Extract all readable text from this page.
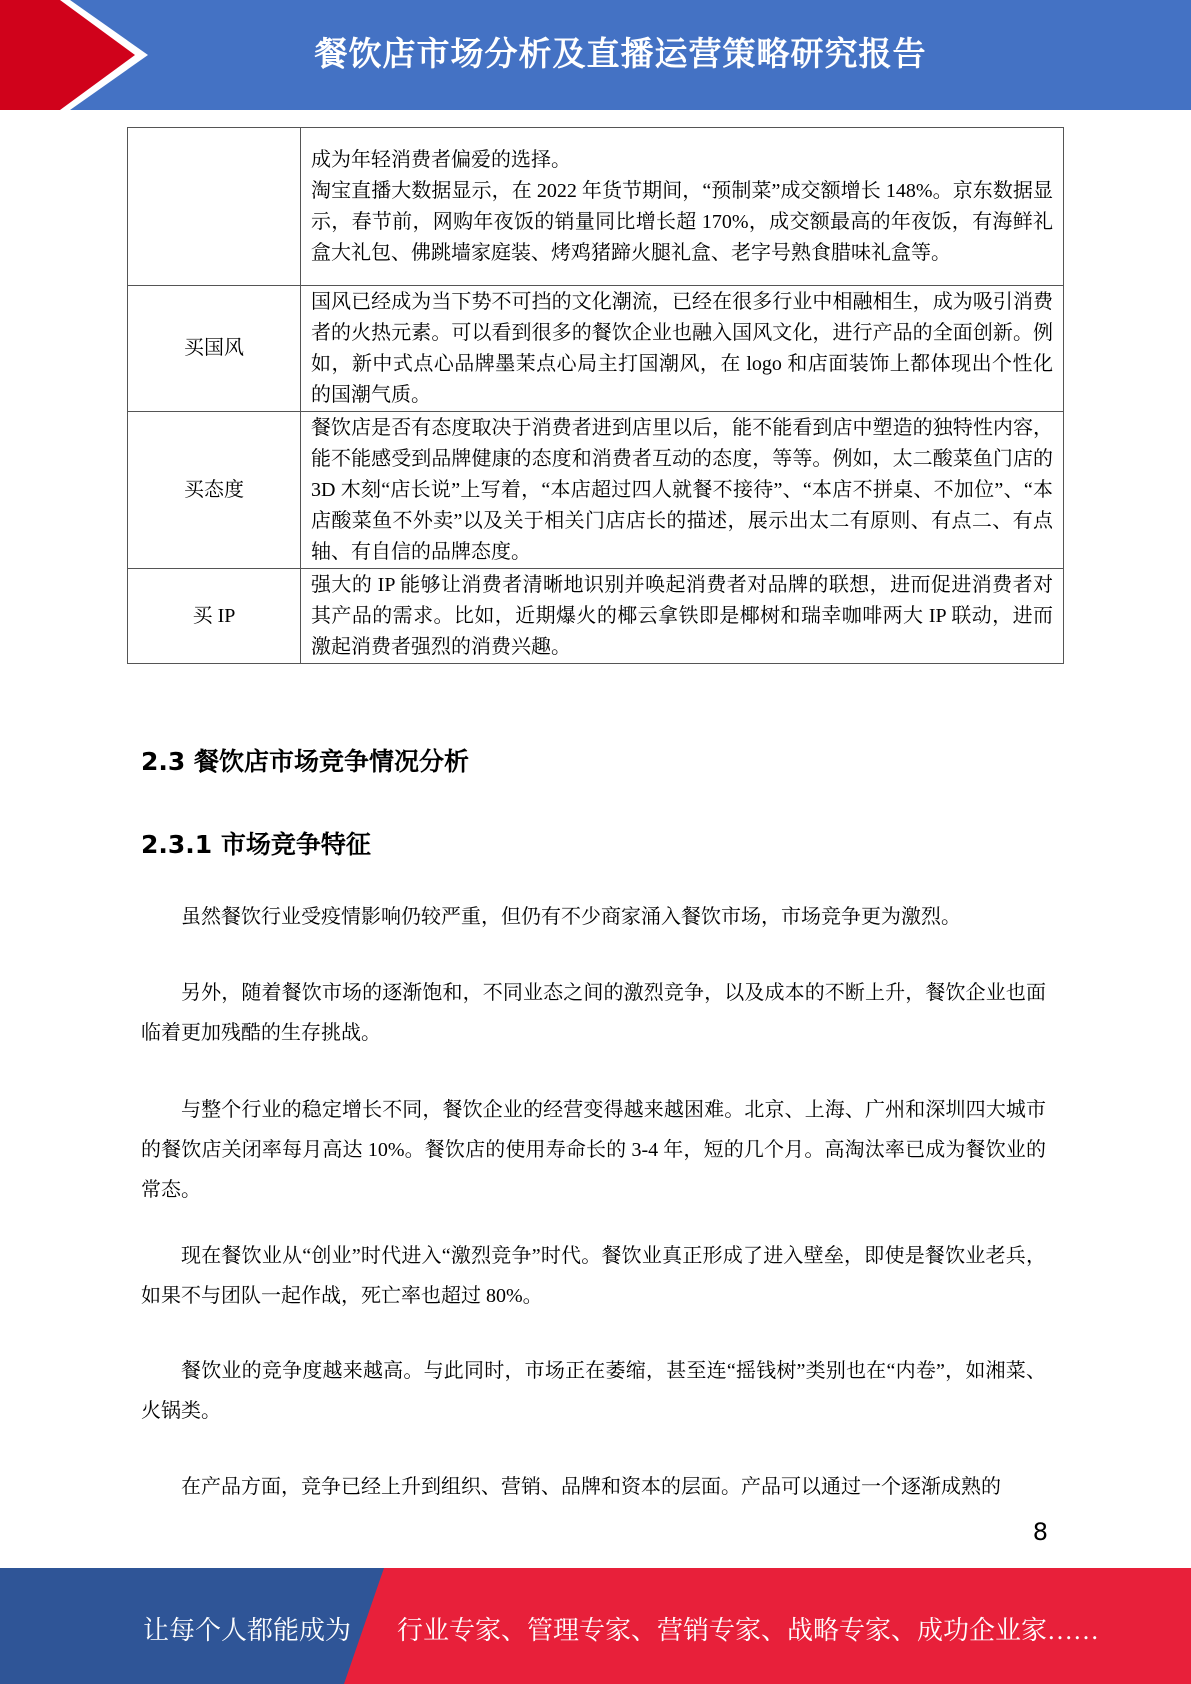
餐饮店市场分析及直播运营策略研究报告

	成为年轻消费者偏爱的选择。

淘宝直播大数据显示，在 2022 年货节期间，“预制菜”成交额增长 148%。京东数据显示，春节前，网购年夜饭的销量同比增长超 170%，成交额最高的年夜饭，有海鲜礼盒大礼包、佛跳墙家庭装、烤鸡猪蹄火腿礼盒、老字号熟食腊味礼盒等。

买国风	国风已经成为当下势不可挡的文化潮流，已经在很多行业中相融相生，成为吸引消费者的火热元素。可以看到很多的餐饮企业也融入国风文化，进行产品的全面创新。例如，新中式点心品牌墨茉点心局主打国潮风，在 logo 和店面装饰上都体现出个性化的国潮气质。

买态度	餐饮店是否有态度取决于消费者进到店里以后，能不能看到店中塑造的独特性内容，能不能感受到品牌健康的态度和消费者互动的态度，等等。例如，太二酸菜鱼门店的 3D 木刻“店长说”上写着，“本店超过四人就餐不接待”、“本店不拼桌、不加位”、“本店酸菜鱼不外卖”以及关于相关门店店长的描述，展示出太二有原则、有点二、有点轴、有自信的品牌态度。

买 IP	强大的 IP 能够让消费者清晰地识别并唤起消费者对品牌的联想，进而促进消费者对其产品的需求。比如，近期爆火的椰云拿铁即是椰树和瑞幸咖啡两大 IP 联动，进而激起消费者强烈的消费兴趣。

2.3 餐饮店市场竞争情况分析
2.3.1 市场竞争特征

虽然餐饮行业受疫情影响仍较严重，但仍有不少商家涌入餐饮市场，市场竞争更为激烈。

另外，随着餐饮市场的逐渐饱和，不同业态之间的激烈竞争，以及成本的不断上升，餐饮企业也面临着更加残酷的生存挑战。

与整个行业的稳定增长不同，餐饮企业的经营变得越来越困难。北京、上海、广州和深圳四大城市的餐饮店关闭率每月高达 10%。餐饮店的使用寿命长的 3-4 年，短的几个月。高淘汰率已成为餐饮业的常态。

现在餐饮业从“创业”时代进入“激烈竞争”时代。餐饮业真正形成了进入壁垒，即使是餐饮业老兵，如果不与团队一起作战，死亡率也超过 80%。

餐饮业的竞争度越来越高。与此同时，市场正在萎缩，甚至连“摇钱树”类别也在“内卷”，如湘菜、火锅类。

在产品方面，竞争已经上升到组织、营销、品牌和资本的层面。产品可以通过一个逐渐成熟的

8
让每个人都能成为 行业专家、管理专家、营销专家、战略专家、成功企业家……
